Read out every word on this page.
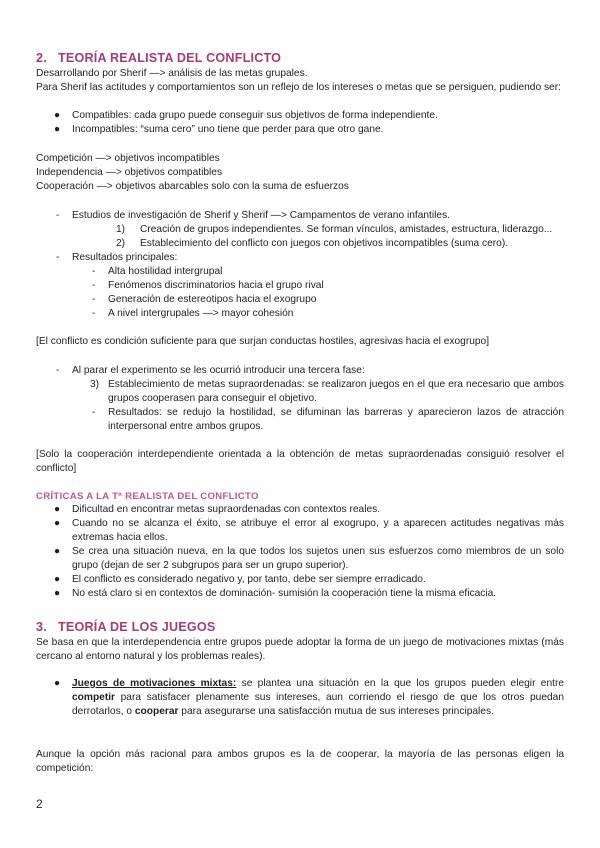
2. TEORÍA REALISTA DEL CONFLICTO

Desarrollando por Sherif —> análisis de las metas grupales.

Para Sherif las actitudes y comportamientos son un reflejo de los intereses o metas que se persiguen, pudiendo ser:

● Compatibles: cada grupo puede conseguir sus objetivos de forma independiente.
● Incompatibles: “suma cero” uno tiene que perder para que otro gane.
Competición —> objetivos incompatibles
Independencia —> objetivos compatibles
Cooperación —> objetivos abarcables solo con la suma de esfuerzos
- Estudios de investigación de Sherif y Sherif —> Campamentos de verano infantiles.
1) Creación de grupos independientes. Se forman vínculos, amistades, estructura, liderazgo...
2) Establecimiento del conflicto con juegos con objetivos incompatibles (suma cero).
- Resultados principales:
- Alta hostilidad intergrupal
- Fenómenos discriminatorios hacia el grupo rival
- Generación de estereotipos hacia el exogrupo
- A nivel intergrupales —> mayor cohesión

[El conflicto es condición suficiente para que surjan conductas hostiles, agresivas hacia el exogrupo]

- Al parar el experimento se les ocurrió introducir una tercera fase:
3) Establecimiento de metas supraordenadas: se realizaron juegos en el que era necesario que ambos grupos cooperasen para conseguir el objetivo.
- Resultados: se redujo la hostilidad, se difuminan las barreras y aparecieron lazos de atracción interpersonal entre ambos grupos.

[Solo la cooperación interdependiente orientada a la obtención de metas supraordenadas consiguió resolver el conflicto]

CRÍTICAS A LA Tª REALISTA DEL CONFLICTO
● Dificultad en encontrar metas supraordenadas con contextos reales.
● Cuando no se alcanza el éxito, se atribuye el error al exogrupo, y a aparecen actitudes negativas más extremas hacia ellos.
● Se crea una situación nueva, en la que todos los sujetos unen sus esfuerzos como miembros de un solo grupo (dejan de ser 2 subgrupos para ser un grupo superior).
● El conflicto es considerado negativo y, por tanto, debe ser siempre erradicado.
● No está claro si en contextos de dominación- sumisión la cooperación tiene la misma eficacia.
3. TEORÍA DE LOS JUEGOS

Se basa en que la interdependencia entre grupos puede adoptar la forma de un juego de motivaciones mixtas (más cercano al entorno natural y los problemas reales).

● Juegos de motivaciones mixtas: se plantea una situación en la que los grupos pueden elegir entre competir para satisfacer plenamente sus intereses, aun corriendo el riesgo de que los otros puedan derrotarlos, o cooperar para asegurarse una satisfacción mutua de sus intereses principales.

Aunque la opción más racional para ambos grupos es la de cooperar, la mayoría de las personas eligen la competición:

2
